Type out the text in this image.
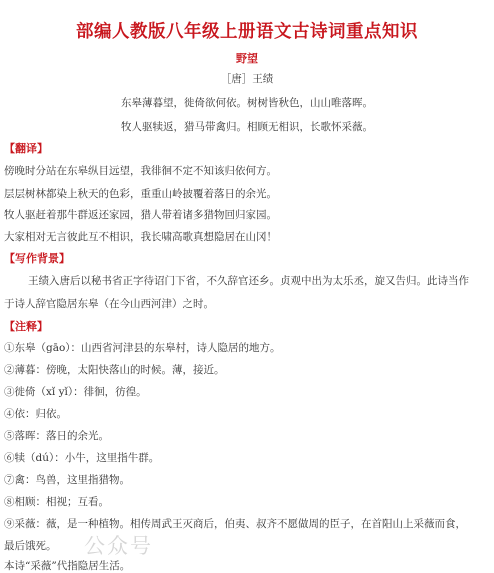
部编人教版八年级上册语文古诗词重点知识
野望
［唐］王绩
东皋薄暮望，徙倚欲何依。树树皆秋色，山山唯落晖。
牧人驱犊返，猎马带禽归。相顾无相识，长歌怀采薇。
【翻译】
傍晚时分站在东皋纵目远望，我徘徊不定不知该归依何方。
层层树林都染上秋天的色彩，重重山岭披覆着落日的余光。
牧人驱赶着那牛群返还家园，猎人带着诸多猎物回归家园。
大家相对无言彼此互不相识，我长啸高歌真想隐居在山冈！
【写作背景】
王绩入唐后以秘书省正字待诏门下省，不久辞官还乡。贞观中出为太乐丞，旋又告归。此诗当作
于诗人辞官隐居东皋（在今山西河津）之时。
【注释】
①东皋（gāo）：山西省河津县的东皋村，诗人隐居的地方。
②薄暮：傍晚，太阳快落山的时候。薄，接近。
③徙倚（xǐ yǐ）：徘徊，彷徨。
④依：归依。
⑤落晖：落日的余光。
⑥犊（dú）：小牛，这里指牛群。
⑦禽：鸟兽，这里指猎物。
⑧相顾：相视；互看。
⑨采薇：薇，是一种植物。相传周武王灭商后，伯夷、叔齐不愿做周的臣子，在首阳山上采薇而食，
最后饿死。
本诗“采薇”代指隐居生活。
公众号
